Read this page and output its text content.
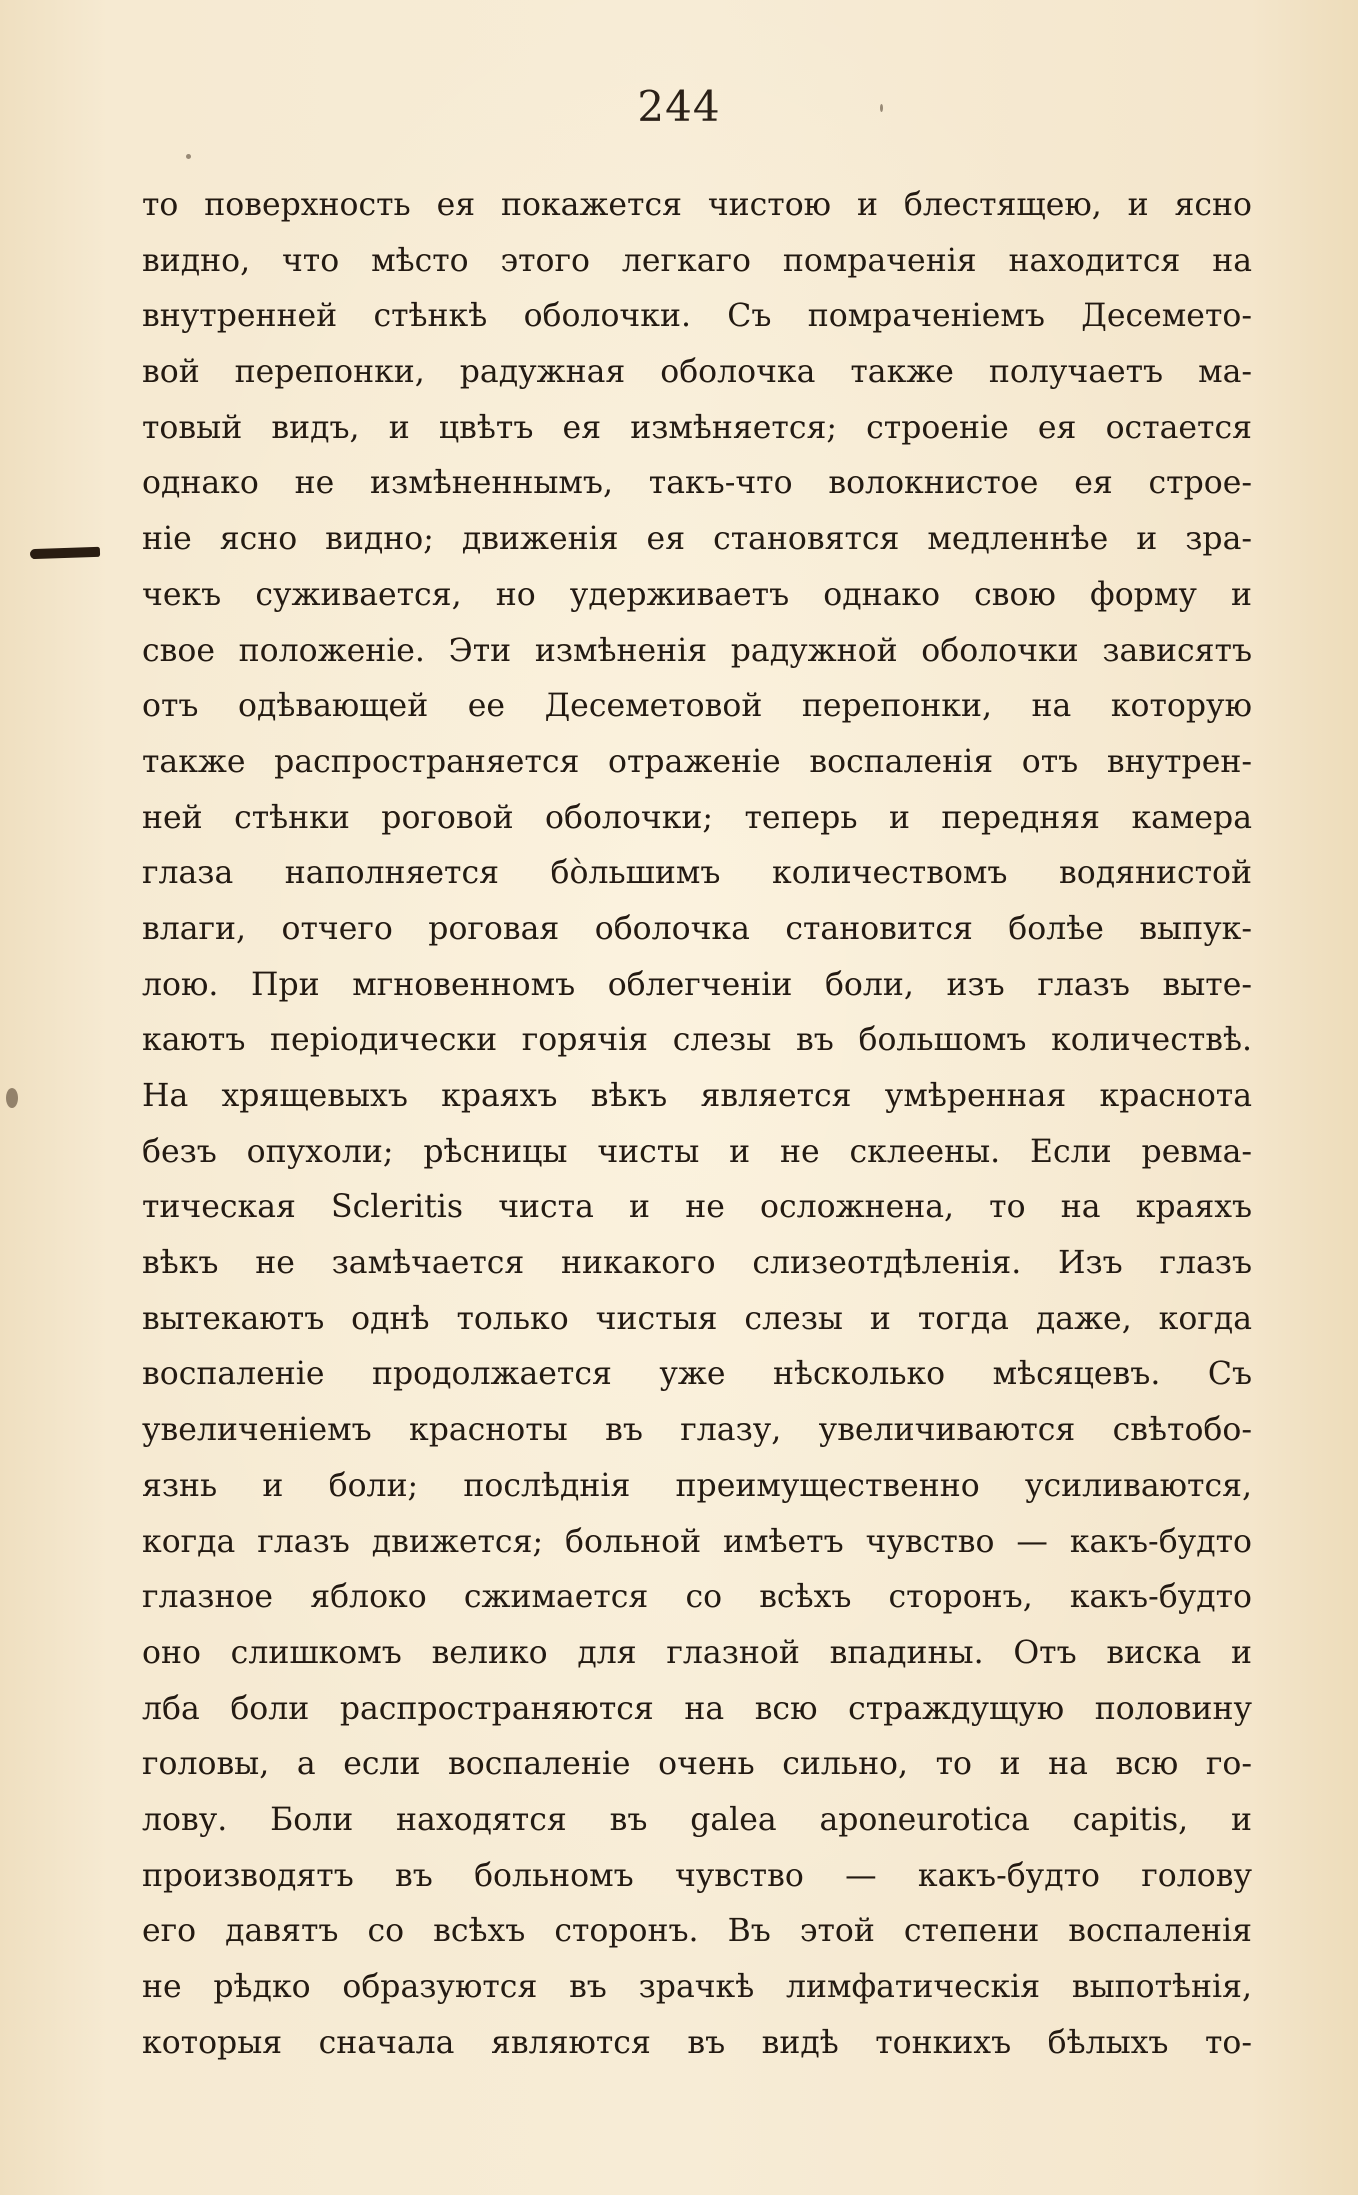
244
то поверхность ея покажется чистою и блестящею, и ясно
видно, что мѣсто этого легкаго помраченія находится на
внутренней стѣнкѣ оболочки. Съ помраченіемъ Десемето-
вой перепонки, радужная оболочка также получаетъ ма-
товый видъ, и цвѣтъ ея измѣняется; строеніе ея остается
однако не измѣненнымъ, такъ-что волокнистое ея строе-
ніе ясно видно; движенія ея становятся медленнѣе и зра-
чекъ суживается, но удерживаетъ однако свою форму и
свое положеніе. Эти измѣненія радужной оболочки зависятъ
отъ одѣвающей ее Десеметовой перепонки, на которую
также распространяется отраженіе воспаленія отъ внутрен-
ней стѣнки роговой оболочки; теперь и передняя камера
глаза наполняется бо̀льшимъ количествомъ водянистой
влаги, отчего роговая оболочка становится болѣе выпук-
лою. При мгновенномъ облегченіи боли, изъ глазъ выте-
каютъ періодически горячія слезы въ большомъ количествѣ.
На хрящевыхъ краяхъ вѣкъ является умѣренная краснота
безъ опухоли; рѣсницы чисты и не склеены. Если ревма-
тическая Scleritis чиста и не осложнена, то на краяхъ
вѣкъ не замѣчается никакого слизеотдѣленія. Изъ глазъ
вытекаютъ однѣ только чистыя слезы и тогда даже, когда
воспаленіе продолжается уже нѣсколько мѣсяцевъ. Съ
увеличеніемъ красноты въ глазу, увеличиваются свѣтобо-
язнь и боли; послѣднія преимущественно усиливаются,
когда глазъ движется; больной имѣетъ чувство — какъ-будто
глазное яблоко сжимается со всѣхъ сторонъ, какъ-будто
оно слишкомъ велико для глазной впадины. Отъ виска и
лба боли распространяются на всю страждущую половину
головы, а если воспаленіе очень сильно, то и на всю го-
лову. Боли находятся въ galea aponeurotica capitis, и
производятъ въ больномъ чувство — какъ-будто голову
его давятъ со всѣхъ сторонъ. Въ этой степени воспаленія
не рѣдко образуются въ зрачкѣ лимфатическія выпотѣнія,
которыя сначала являются въ видѣ тонкихъ бѣлыхъ то-
